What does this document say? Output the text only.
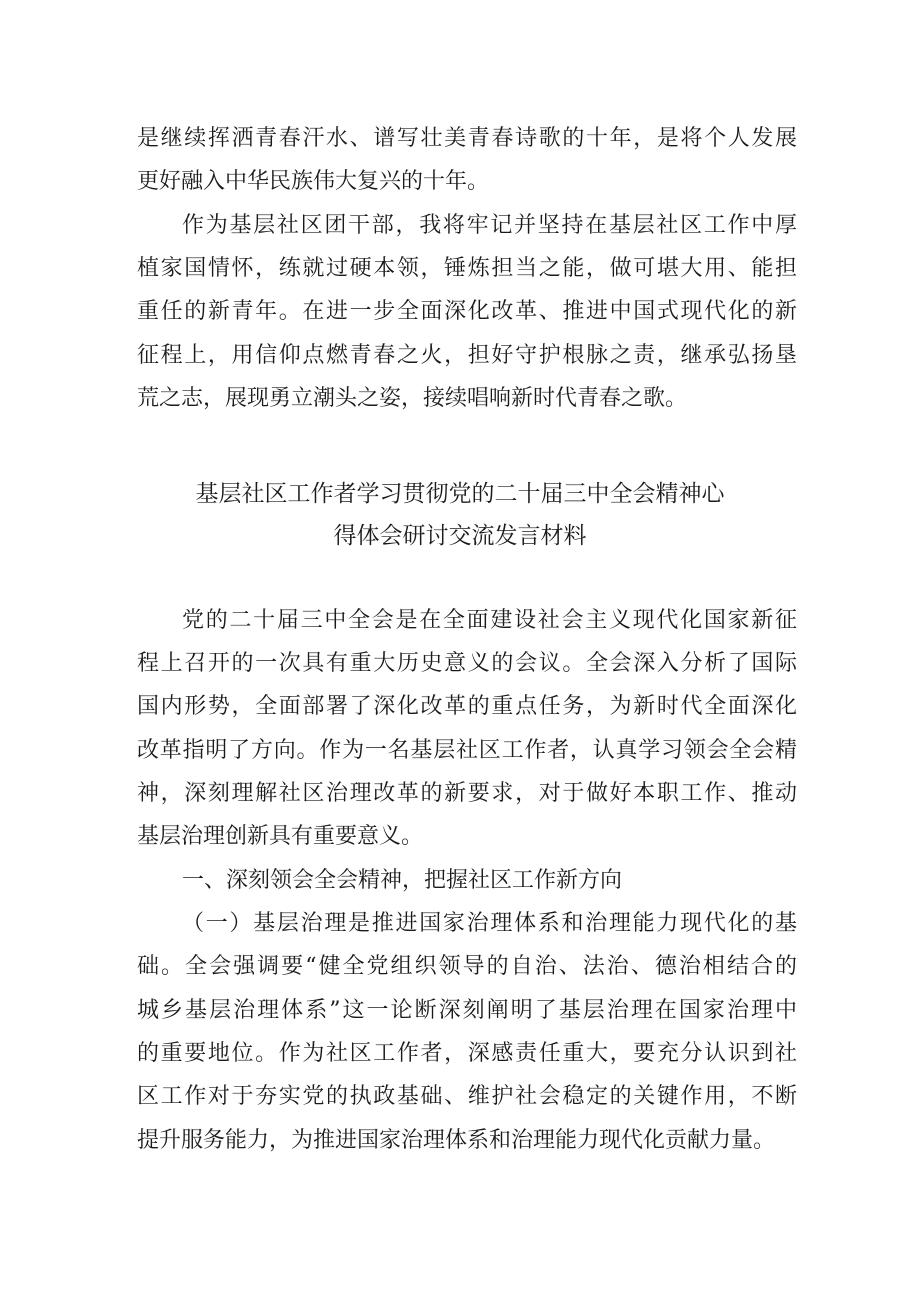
是继续挥洒青春汗水、谱写壮美青春诗歌的十年，是将个人发展
更好融入中华民族伟大复兴的十年。
作为基层社区团干部，我将牢记并坚持在基层社区工作中厚
植家国情怀，练就过硬本领，锤炼担当之能，做可堪大用、能担
重任的新青年。在进一步全面深化改革、推进中国式现代化的新
征程上，用信仰点燃青春之火，担好守护根脉之责，继承弘扬垦
荒之志，展现勇立潮头之姿，接续唱响新时代青春之歌。
基层社区工作者学习贯彻党的二十届三中全会精神心
得体会研讨交流发言材料
党的二十届三中全会是在全面建设社会主义现代化国家新征
程上召开的一次具有重大历史意义的会议。全会深入分析了国际
国内形势，全面部署了深化改革的重点任务，为新时代全面深化
改革指明了方向。作为一名基层社区工作者，认真学习领会全会精
神，深刻理解社区治理改革的新要求，对于做好本职工作、推动
基层治理创新具有重要意义。
一、深刻领会全会精神，把握社区工作新方向
（一）基层治理是推进国家治理体系和治理能力现代化的基
础。全会强调要“健全党组织领导的自治、法治、德治相结合的
城乡基层治理体系”这一论断深刻阐明了基层治理在国家治理中
的重要地位。作为社区工作者，深感责任重大，要充分认识到社
区工作对于夯实党的执政基础、维护社会稳定的关键作用，不断
提升服务能力，为推进国家治理体系和治理能力现代化贡献力量。
